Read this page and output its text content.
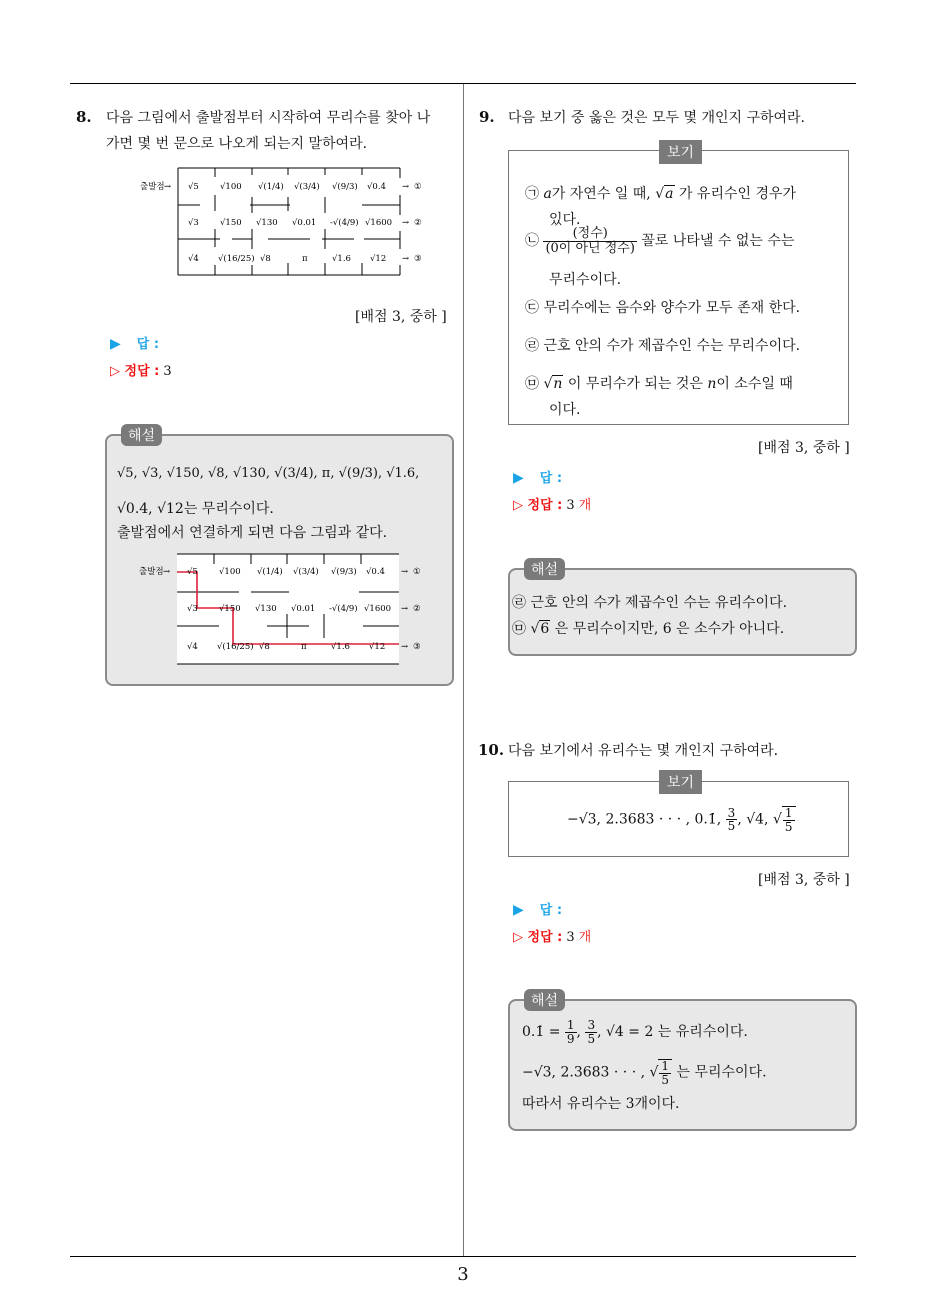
3
8. 다음 그림에서 출발점부터 시작하여 무리수를 찾아 나
가면 몇 번 문으로 나오게 되는지 말하여라.
출발점 → √5 √100 √(1/4) √(3/4) √(9/3) √0.4 → ①
√3 √150 √130 √0.01 -√(4/9) √1600 → ②
√4 √(16/25) √8	π	√1.6 √12 → ③
[배점 3, 중하 ]
▶ 답 :
▷ 정답 : 3
해설
√5, √3, √150, √8, √130, √(3/4), π, √(9/3), √1.6,
√0.4, √12는 무리수이다.
출발점에서 연결하게 되면 다음 그림과 같다.
출발점 → √5 √100 √(1/4) √(3/4) √(9/3) √0.4 → ①
√3 √150 √130 √0.01 -√(4/9) √1600 → ②
√4 √(16/25) √8	π	√1.6 √12 → ③
9. 다음 보기 중 옳은 것은 모두 몇 개인지 구하여라.
보기
㉠ a가 자연수 일 때, √a 가 유리수인 경우가
있다.
㉡ $\frac{\text{(정수)}}{\text{(0이 아닌 정수)}}$ 꼴로 나타낼 수 없는 수는
무리수이다.
㉢ 무리수에는 음수와 양수가 모두 존재 한다.
㉣ 근호 안의 수가 제곱수인 수는 무리수이다.
㉤ √n 이 무리수가 되는 것은 n이 소수일 때
이다.
[배점 3, 중하 ]
▶ 답 :
▷ 정답 : 3 개
해설
㉣ 근호 안의 수가 제곱수인 수는 유리수이다.
㉤ √6 은 무리수이지만, 6 은 소수가 아니다.
10. 다음 보기에서 유리수는 몇 개인지 구하여라.
보기
−√3, 2.3683 · · · , 0.1̇, $\frac{3}{5}$ , √4, √ $\frac{1}{5}$
[배점 3, 중하 ]
▶ 답 :
▷ 정답 : 3 개
해설
0.1̇ = $\frac{1}{9}$ , $\frac{3}{5}$ , √4 = 2 는 유리수이다.
−√3, 2.3683 · · · , √ $\frac{1}{5}$ 는 무리수이다.
따라서 유리수는 3개이다.
